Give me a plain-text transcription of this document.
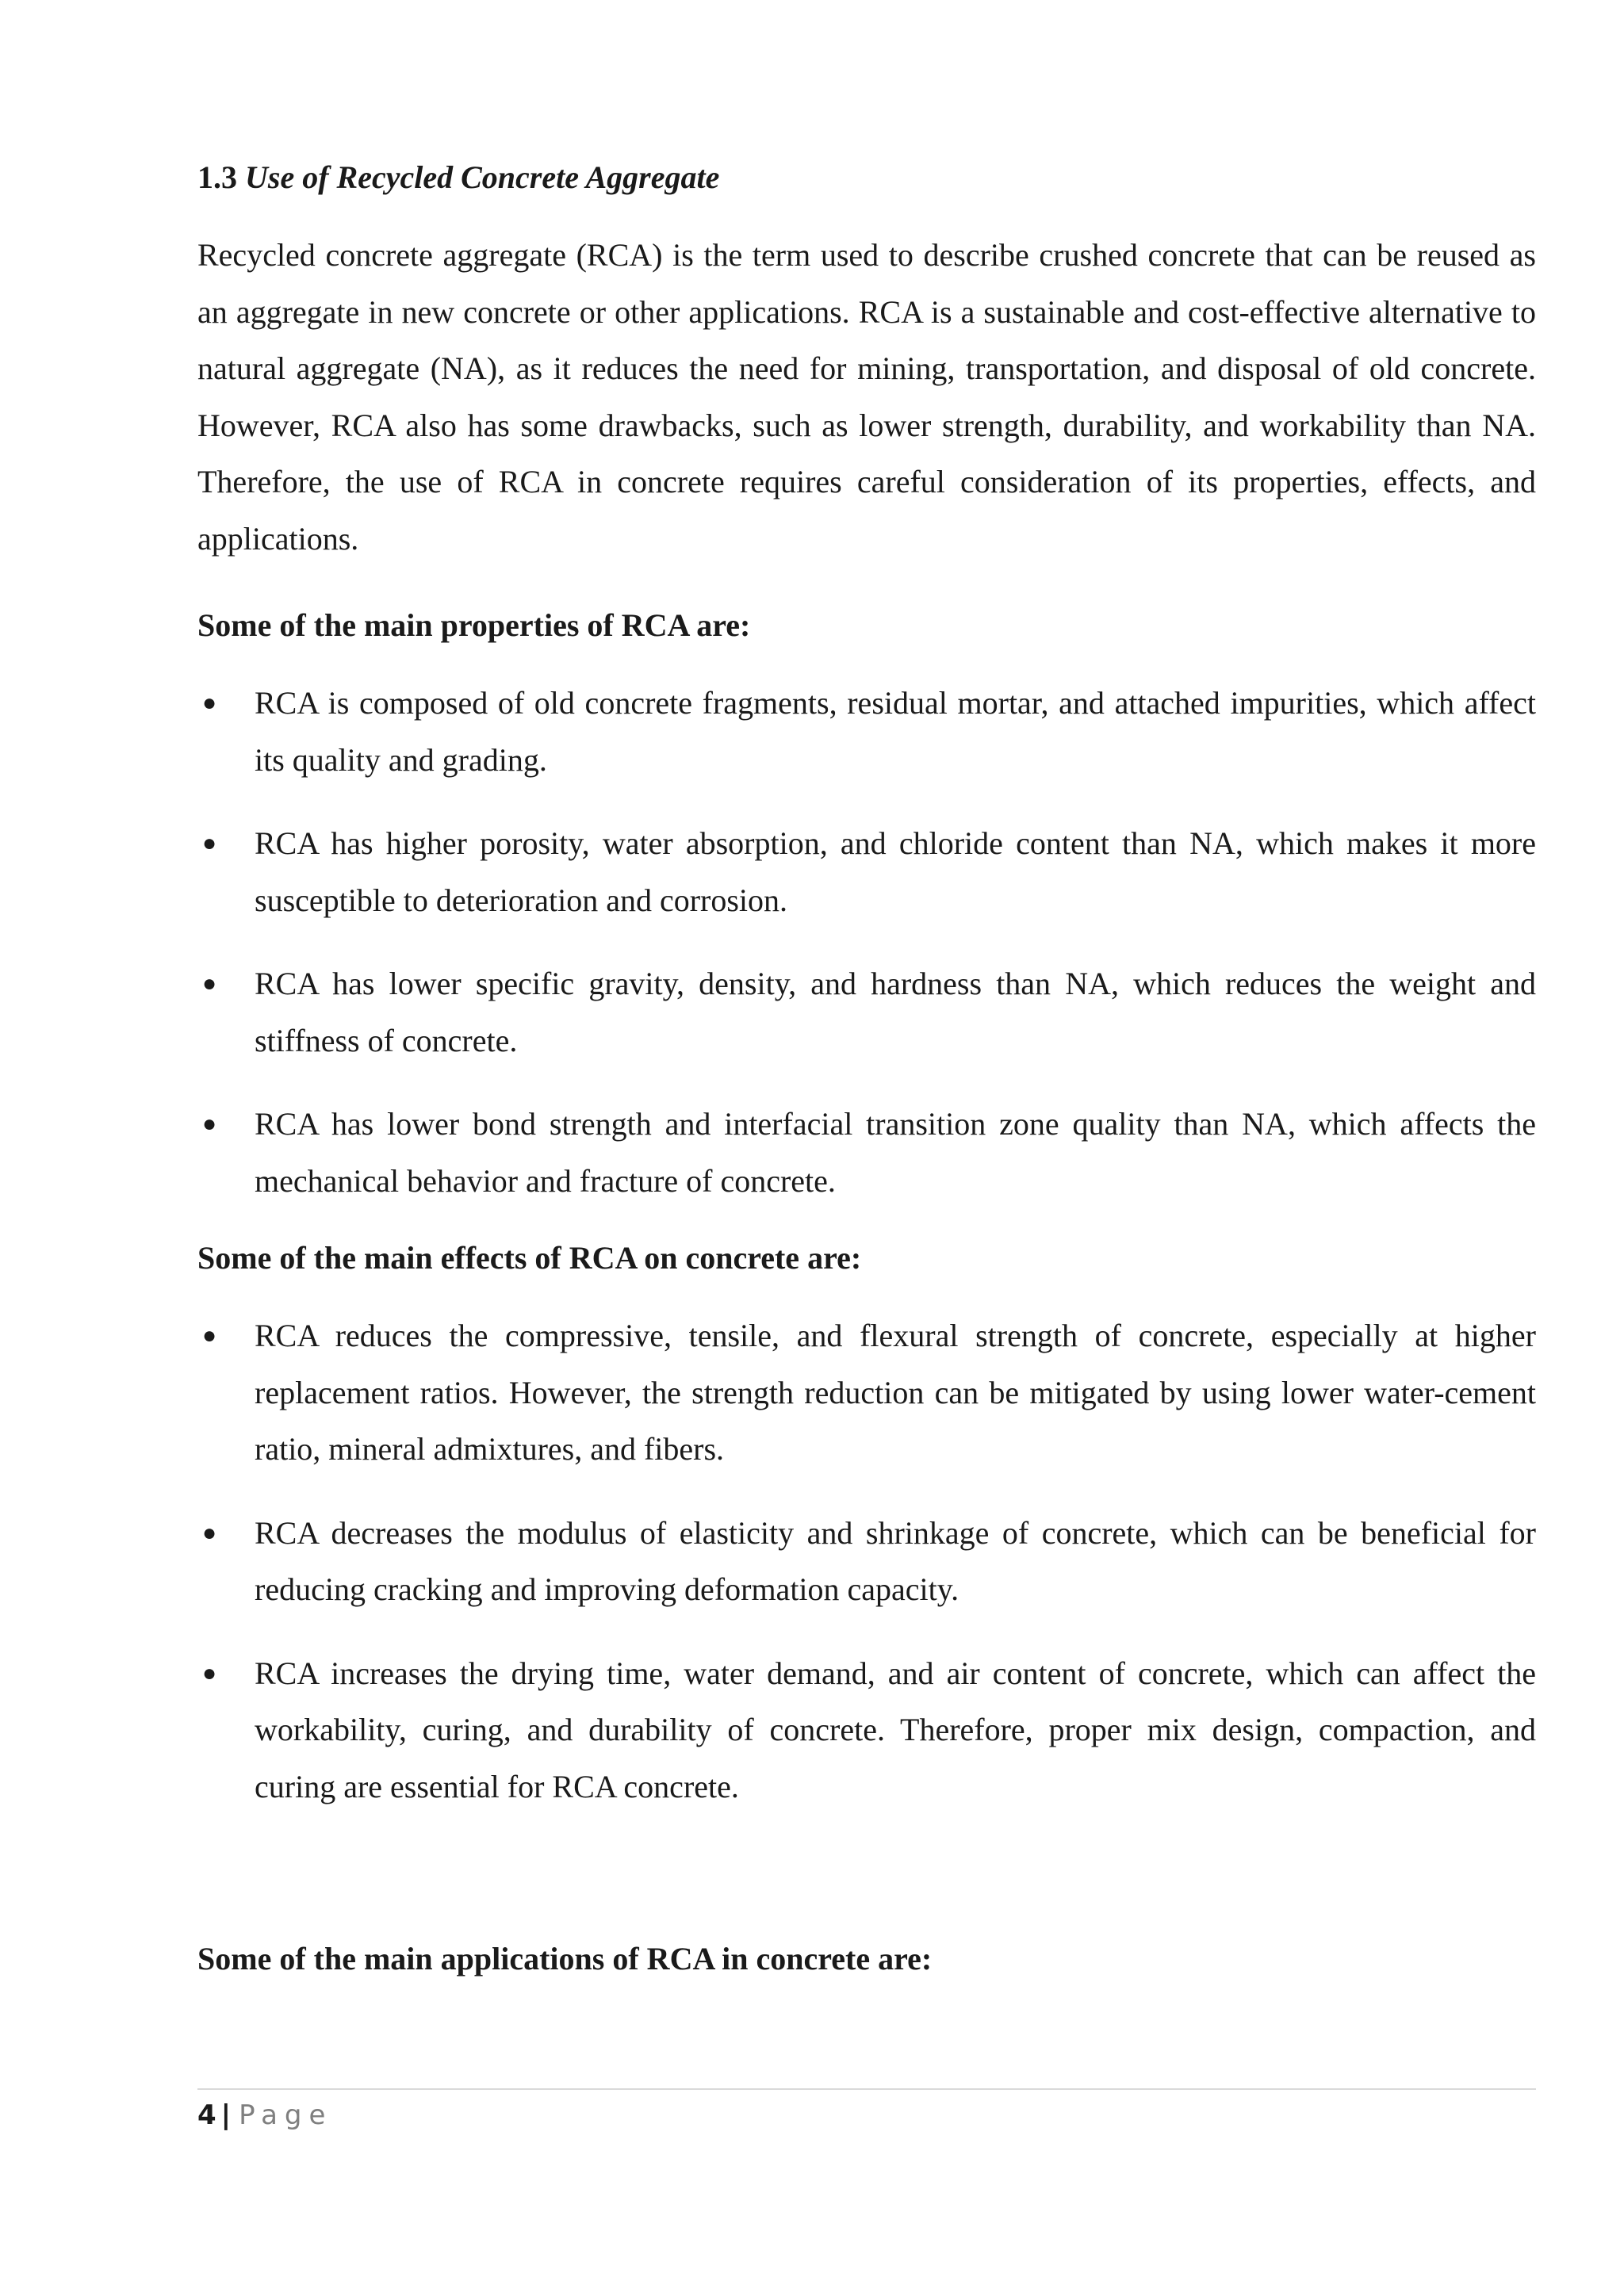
1.3 Use of Recycled Concrete Aggregate

Recycled concrete aggregate (RCA) is the term used to describe crushed concrete that can be reused as an aggregate in new concrete or other applications. RCA is a sustainable and cost-effective alternative to natural aggregate (NA), as it reduces the need for mining, transportation, and disposal of old concrete. However, RCA also has some drawbacks, such as lower strength, durability, and workability than NA. Therefore, the use of RCA in concrete requires careful consideration of its properties, effects, and applications.

Some of the main properties of RCA are:
● RCA is composed of old concrete fragments, residual mortar, and attached impurities, which affect its quality and grading.
● RCA has higher porosity, water absorption, and chloride content than NA, which makes it more susceptible to deterioration and corrosion.
● RCA has lower specific gravity, density, and hardness than NA, which reduces the weight and stiffness of concrete.
● RCA has lower bond strength and interfacial transition zone quality than NA, which affects the mechanical behavior and fracture of concrete.
Some of the main effects of RCA on concrete are:
● RCA reduces the compressive, tensile, and flexural strength of concrete, especially at higher replacement ratios. However, the strength reduction can be mitigated by using lower water-cement ratio, mineral admixtures, and fibers.
● RCA decreases the modulus of elasticity and shrinkage of concrete, which can be beneficial for reducing cracking and improving deformation capacity.
● RCA increases the drying time, water demand, and air content of concrete, which can affect the workability, curing, and durability of concrete. Therefore, proper mix design, compaction, and curing are essential for RCA concrete.
Some of the main applications of RCA in concrete are:
4 | Page
